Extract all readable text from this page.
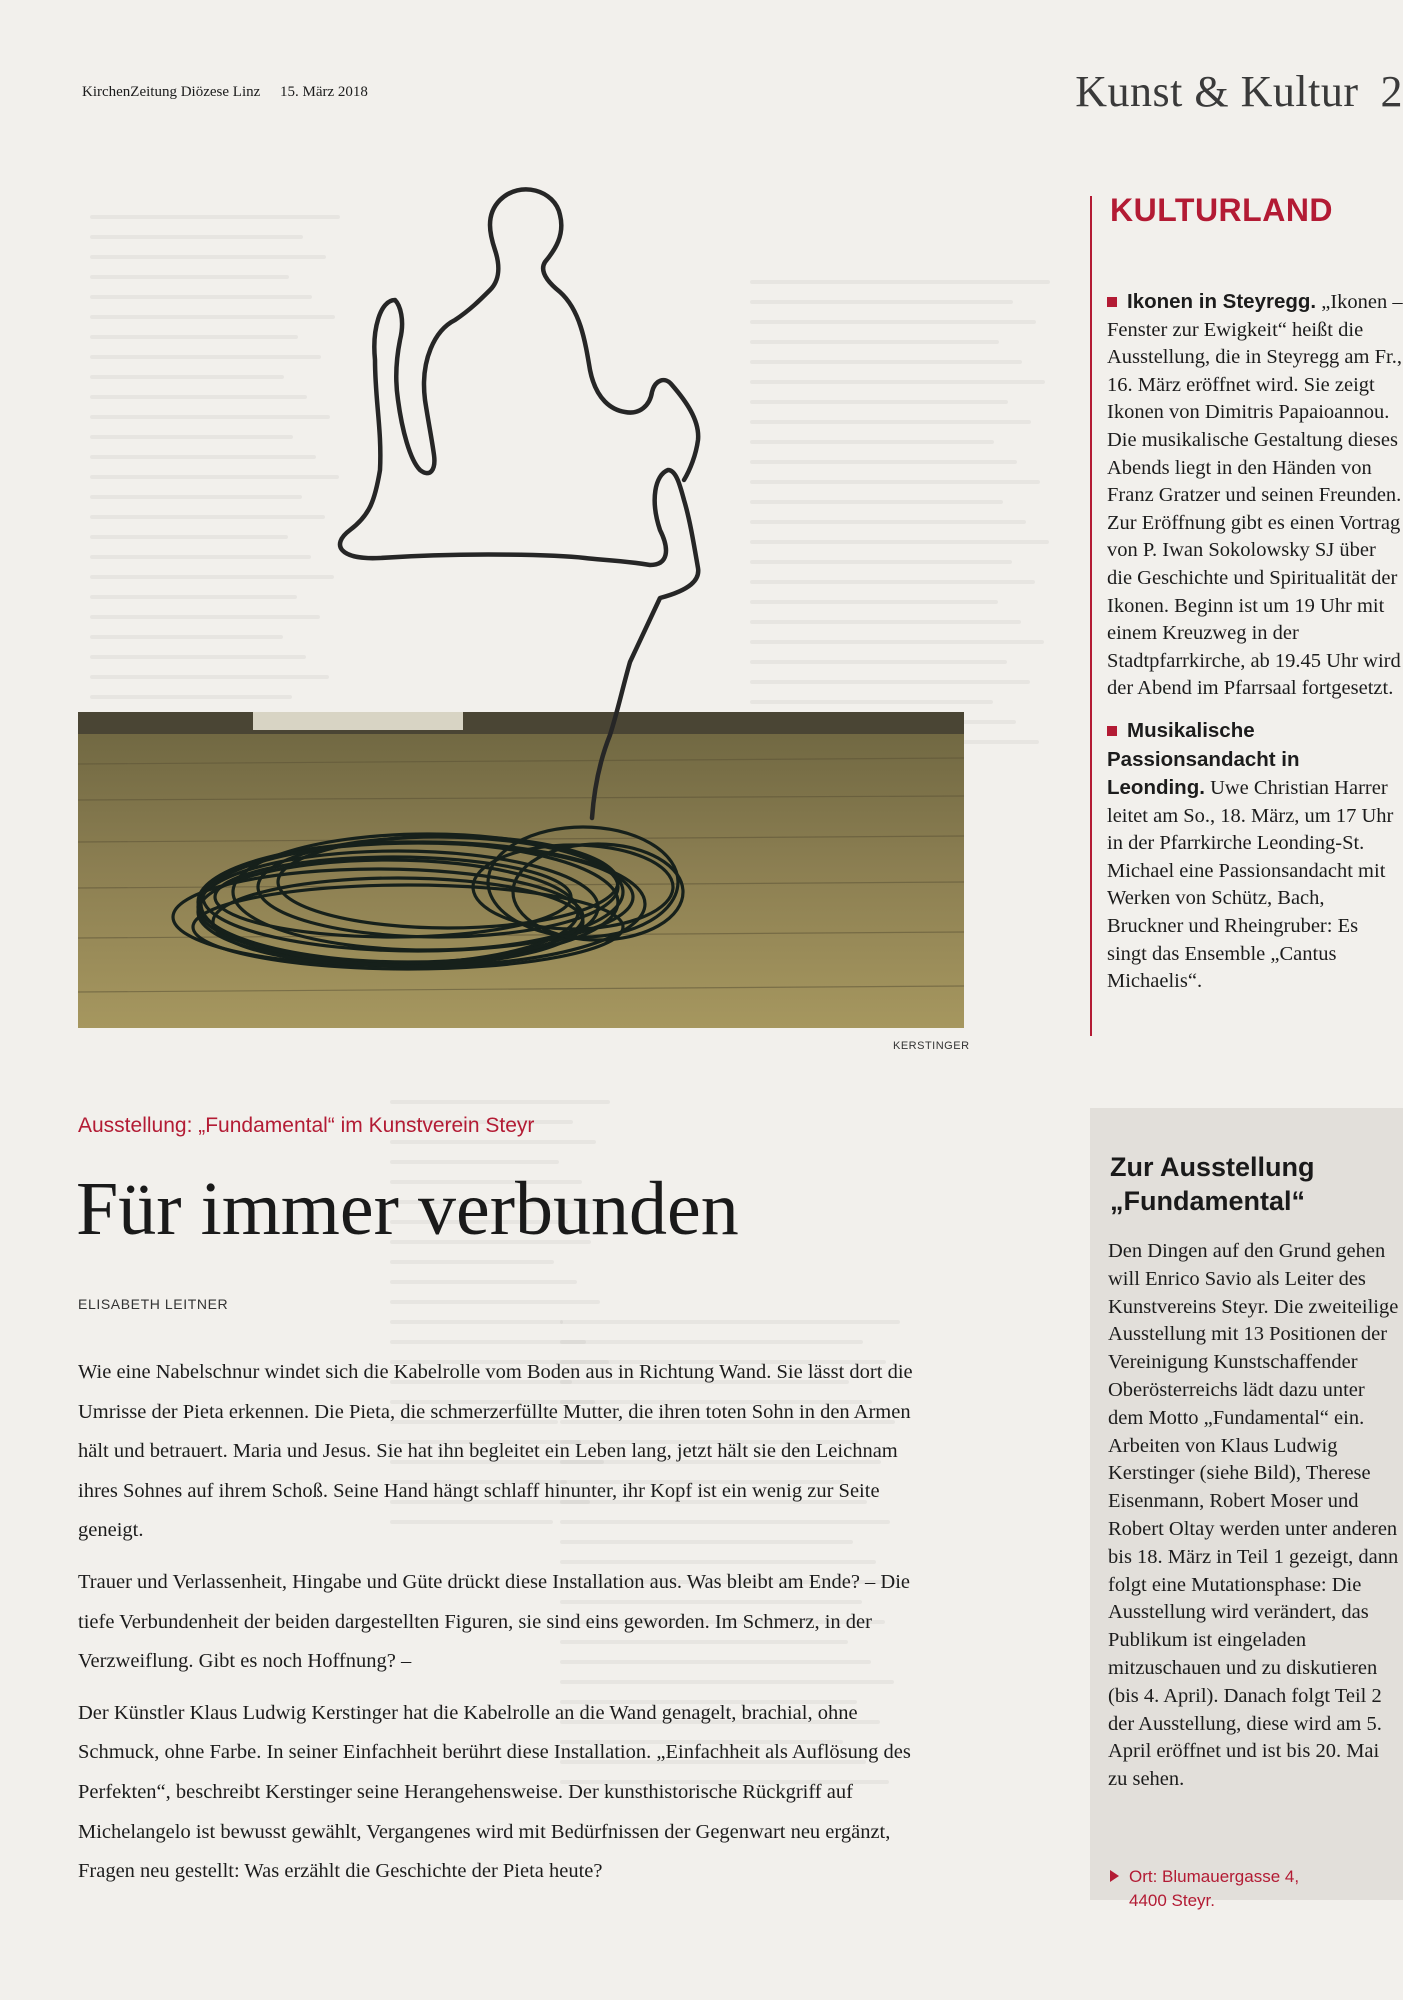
KirchenZeitung Diözese Linz 15. März 2018	Kunst & Kultur 2
KULTURLAND

Ikonen in Steyregg. „Ikonen – Fenster zur Ewigkeit“ heißt die Ausstellung, die in Steyregg am Fr., 16. März eröffnet wird. Sie zeigt Ikonen von Dimitris Papaioannou. Die musikalische Gestaltung dieses Abends liegt in den Händen von Franz Gratzer und seinen Freunden. Zur Eröffnung gibt es einen Vortrag von P. Iwan Sokolowsky SJ über die Geschichte und Spiritualität der Ikonen. Beginn ist um 19 Uhr mit einem Kreuzweg in der Stadtpfarrkirche, ab 19.45 Uhr wird der Abend im Pfarrsaal fortgesetzt.

Musikalische Passionsandacht in Leonding. Uwe Christian Harrer leitet am So., 18. März, um 17 Uhr in der Pfarrkirche Leonding-St. Michael eine Passionsandacht mit Werken von Schütz, Bach, Bruckner und Rheingruber: Es singt das Ensemble „Cantus Michaelis“.

KERSTINGER
Ausstellung: „Fundamental“ im Kunstverein Steyr
Für immer verbunden
ELISABETH LEITNER

Wie eine Nabelschnur windet sich die Kabelrolle vom Boden aus in Richtung Wand. Sie lässt dort die Umrisse der Pieta erkennen. Die Pieta, die schmerzerfüllte Mutter, die ihren toten Sohn in den Armen hält und betrauert. Maria und Jesus. Sie hat ihn begleitet ein Leben lang, jetzt hält sie den Leichnam ihres Sohnes auf ihrem Schoß. Seine Hand hängt schlaff hinunter, ihr Kopf ist ein wenig zur Seite geneigt.

Trauer und Verlassenheit, Hingabe und Güte drückt diese Installation aus. Was bleibt am Ende? – Die tiefe Verbundenheit der beiden dargestellten Figuren, sie sind eins geworden. Im Schmerz, in der Verzweiflung. Gibt es noch Hoffnung? –

Der Künstler Klaus Ludwig Kerstinger hat die Kabelrolle an die Wand genagelt, brachial, ohne Schmuck, ohne Farbe. In seiner Einfachheit berührt diese Installation. „Einfachheit als Auflösung des Perfekten“, beschreibt Kerstinger seine Herangehensweise. Der kunsthistorische Rückgriff auf Michelangelo ist bewusst gewählt, Vergangenes wird mit Bedürfnissen der Gegenwart neu ergänzt, Fragen neu gestellt: Was erzählt die Geschichte der Pieta heute?

Zur Ausstellung
„Fundamental“
Den Dingen auf den Grund gehen will Enrico Savio als Leiter des Kunstvereins Steyr. Die zweiteilige Ausstellung mit 13 Positionen der Vereinigung Kunstschaffender Oberösterreichs lädt dazu unter dem Motto „Fundamental“ ein. Arbeiten von Klaus Ludwig Kerstinger (siehe Bild), Therese Eisenmann, Robert Moser und Robert Oltay werden unter anderen bis 18. März in Teil 1 gezeigt, dann folgt eine Mutationsphase: Die Ausstellung wird verändert, das Publikum ist eingeladen mitzuschauen und zu diskutieren (bis 4. April). Danach folgt Teil 2 der Ausstellung, diese wird am 5. April eröffnet und ist bis 20. Mai zu sehen.
Ort: Blumauergasse 4,
4400 Steyr.
